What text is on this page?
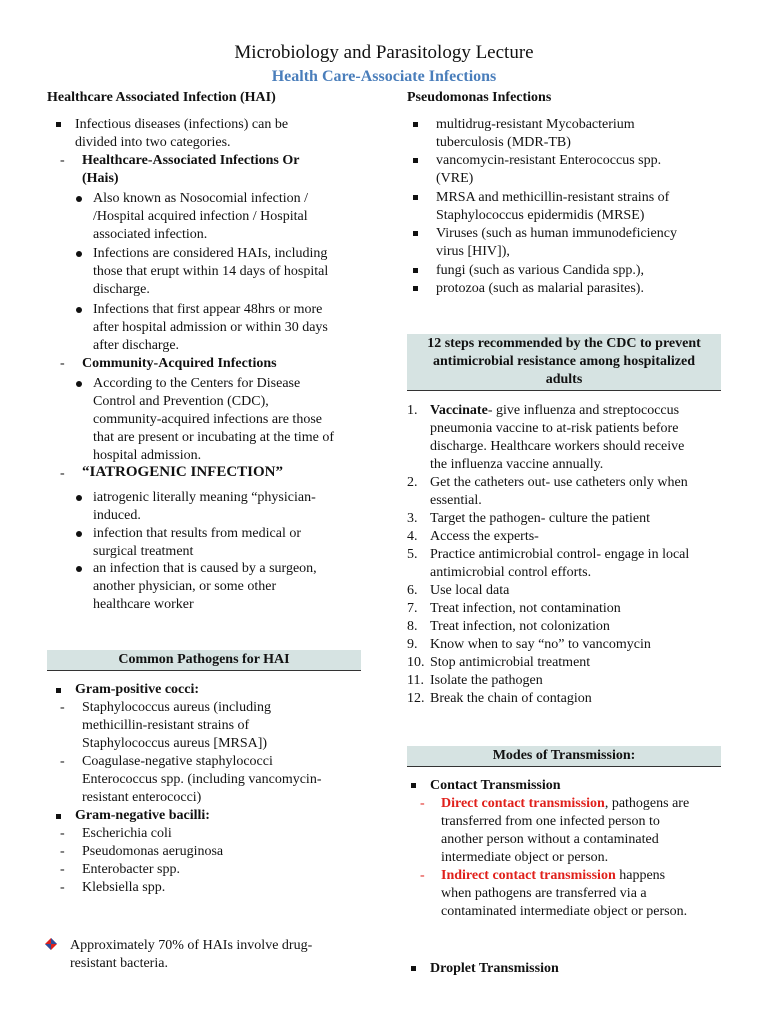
Microbiology and Parasitology Lecture
Health Care-Associate Infections
Healthcare Associated Infection (HAI)
Infectious diseases (infections) can be
divided into two categories.
- Healthcare-Associated Infections Or
(Hais)
Also known as Nosocomial infection /
/Hospital acquired infection / Hospital
associated infection.
Infections are considered HAIs, including
those that erupt within 14 days of hospital
discharge.
Infections that first appear 48hrs or more
after hospital admission or within 30 days
after discharge.
- Community-Acquired Infections
According to the Centers for Disease
Control and Prevention (CDC),
community-acquired infections are those
that are present or incubating at the time of
hospital admission.
- “IATROGENIC INFECTION”
iatrogenic literally meaning “physician-
induced.
infection that results from medical or
surgical treatment
an infection that is caused by a surgeon,
another physician, or some other
healthcare worker
Common Pathogens for HAI
Gram-positive cocci:
- Staphylococcus aureus (including
methicillin-resistant strains of
Staphylococcus aureus [MRSA])
- Coagulase-negative staphylococci
Enterococcus spp. (including vancomycin-
resistant enterococci)
Gram-negative bacilli:
- Escherichia coli
- Pseudomonas aeruginosa
- Enterobacter spp.
- Klebsiella spp.
Approximately 70% of HAIs involve drug-
resistant bacteria.
Pseudomonas Infections
multidrug-resistant Mycobacterium
tuberculosis (MDR-TB)
vancomycin-resistant Enterococcus spp.
(VRE)
MRSA and methicillin-resistant strains of
Staphylococcus epidermidis (MRSE)
Viruses (such as human immunodeficiency
virus [HIV]),
fungi (such as various Candida spp.),
protozoa (such as malarial parasites).
12 steps recommended by the CDC to prevent
antimicrobial resistance among hospitalized
adults
1. Vaccinate- give influenza and streptococcus
pneumonia vaccine to at-risk patients before
discharge. Healthcare workers should receive
the influenza vaccine annually.
2. Get the catheters out- use catheters only when
essential.
3. Target the pathogen- culture the patient
4. Access the experts-
5. Practice antimicrobial control- engage in local
antimicrobial control efforts.
6. Use local data
7. Treat infection, not contamination
8. Treat infection, not colonization
9. Know when to say “no” to vancomycin
10. Stop antimicrobial treatment
11. Isolate the pathogen
12. Break the chain of contagion
Modes of Transmission:
Contact Transmission
- Direct contact transmission, pathogens are
transferred from one infected person to
another person without a contaminated
intermediate object or person.
- Indirect contact transmission happens
when pathogens are transferred via a
contaminated intermediate object or person.
Droplet Transmission
